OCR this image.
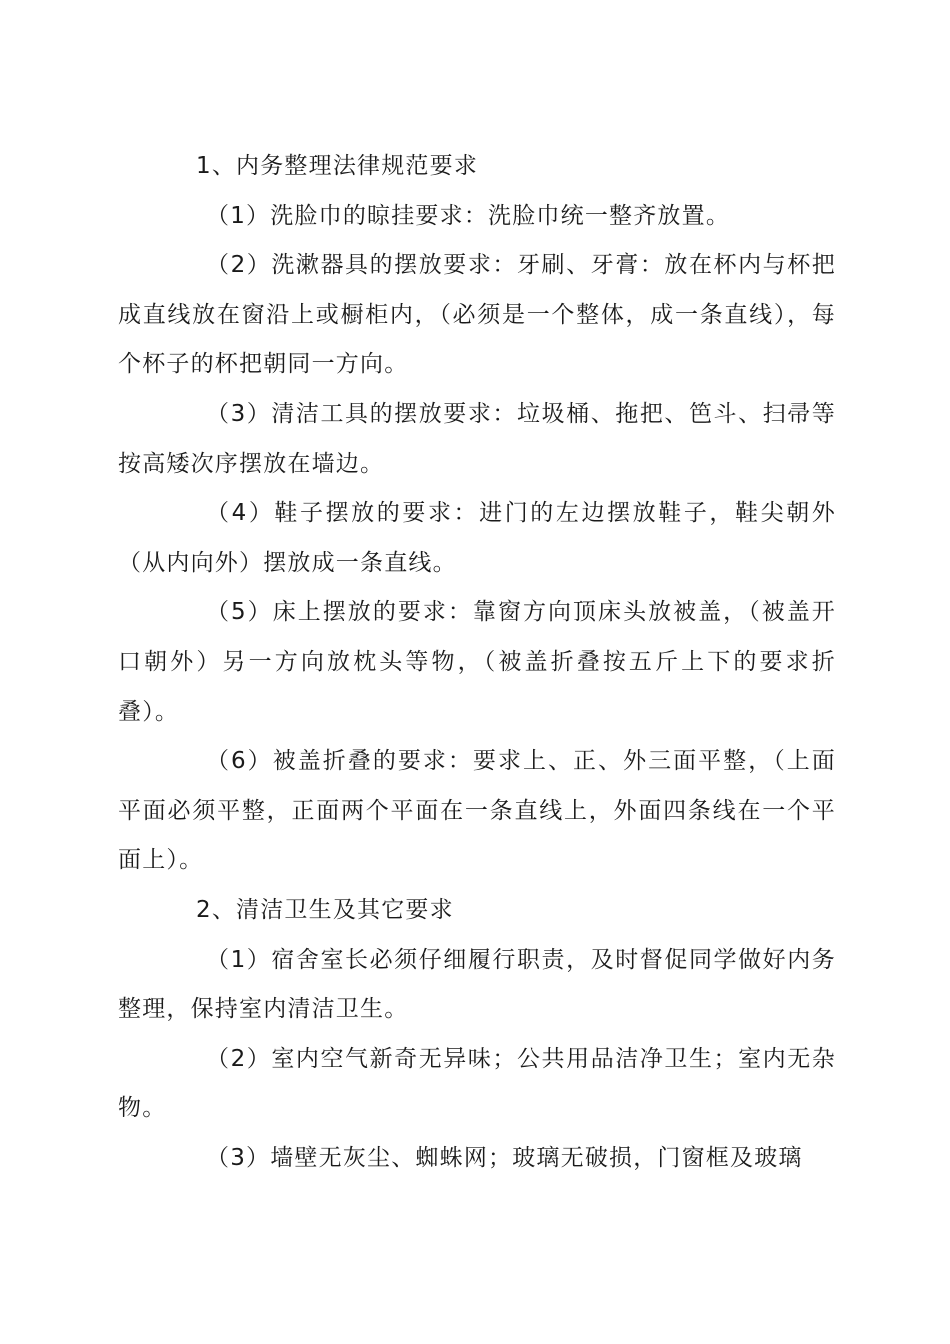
1、内务整理法律规范要求

（1）洗脸巾的晾挂要求：洗脸巾统一整齐放置。

（2）洗漱器具的摆放要求：牙刷、牙膏：放在杯内与杯把成直线放在窗沿上或橱柜内，（必须是一个整体，成一条直线），每个杯子的杯把朝同一方向。

（3）清洁工具的摆放要求：垃圾桶、拖把、笆斗、扫帚等按高矮次序摆放在墙边。

（4）鞋子摆放的要求：进门的左边摆放鞋子，鞋尖朝外（从内向外）摆放成一条直线。

（5）床上摆放的要求：靠窗方向顶床头放被盖，（被盖开口朝外）另一方向放枕头等物，（被盖折叠按五斤上下的要求折叠）。

（6）被盖折叠的要求：要求上、正、外三面平整，（上面平面必须平整，正面两个平面在一条直线上，外面四条线在一个平面上）。

2、清洁卫生及其它要求

（1）宿舍室长必须仔细履行职责，及时督促同学做好内务整理，保持室内清洁卫生。

（2）室内空气新奇无异味；公共用品洁净卫生；室内无杂物。

（3）墙壁无灰尘、蜘蛛网；玻璃无破损，门窗框及玻璃
